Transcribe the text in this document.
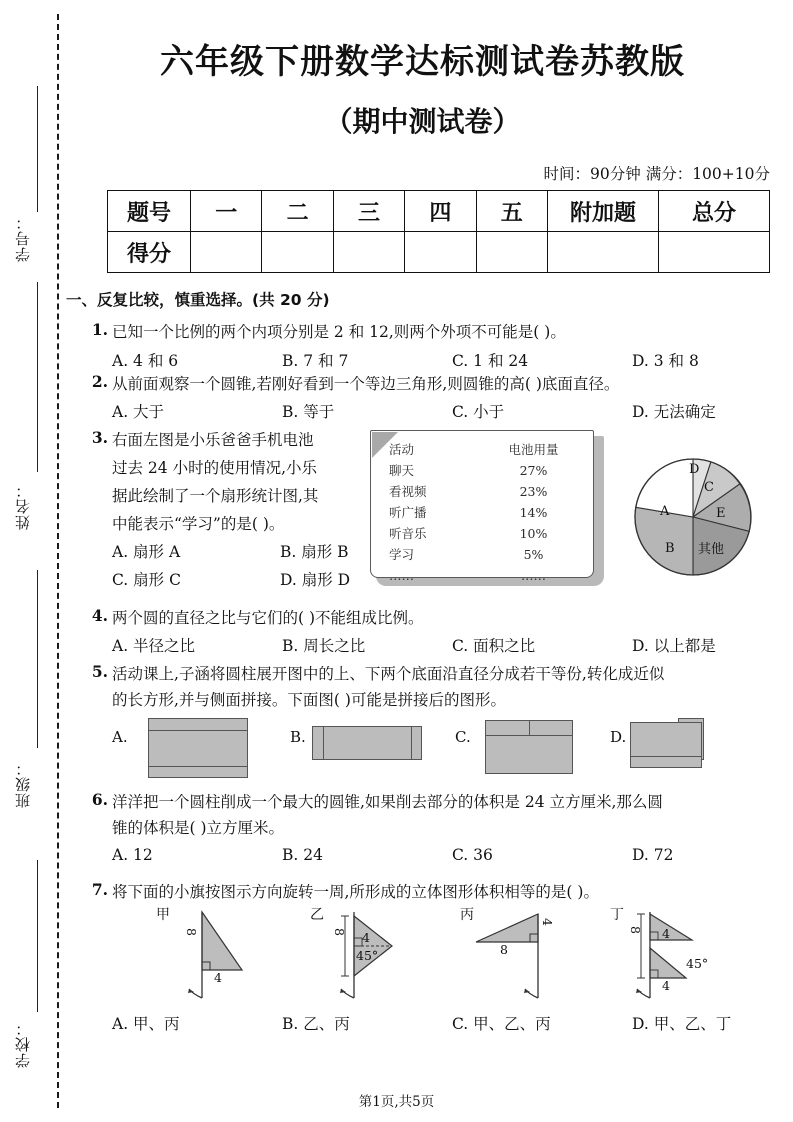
学号：
姓名：
班级：
学校：
六年级下册数学达标测试卷苏教版
（期中测试卷）
时间：90分钟 满分：100+10分
题号	一	二	三	四	五	附加题	总分
得分							
一、反复比较，慎重选择。(共 20 分)
1. 已知一个比例的两个内项分别是 2 和 12,则两个外项不可能是( )。
A. 4 和 6	B. 7 和 7	C. 1 和 24	D. 3 和 8
2. 从前面观察一个圆锥,若刚好看到一个等边三角形,则圆锥的高( )底面直径。
A. 大于	B. 等于	C. 小于	D. 无法确定
3. 右面左图是小乐爸爸手机电池
过去 24 小时的使用情况,小乐
据此绘制了一个扇形统计图,其
中能表示“学习”的是( )。
A. 扇形 A	B. 扇形 B
C. 扇形 C	D. 扇形 D
活动	电池用量
聊天	27%
看视频	23%
听广播	14%
听音乐	10%
学习	5%
……	……
A
B
C
D
E
其他
4. 两个圆的直径之比与它们的( )不能组成比例。
A. 半径之比	B. 周长之比	C. 面积之比	D. 以上都是
5. 活动课上,子涵将圆柱展开图中的上、下两个底面沿直径分成若干等份,转化成近似
的长方形,并与侧面拼接。下面图( )可能是拼接后的图形。
A.	B.	C.	D.
6. 洋洋把一个圆柱削成一个最大的圆锥,如果削去部分的体积是 24 立方厘米,那么圆
锥的体积是( )立方厘米。
A. 12	B. 24	C. 36	D. 72
7. 将下面的小旗按图示方向旋转一周,所形成的立体图形体积相等的是( )。
甲
8
4
乙
8 4
45°
丙	4
8
丁
8 4
45°
4
A. 甲、丙	B. 乙、丙	C. 甲、乙、丙	D. 甲、乙、丁
第1页,共5页
